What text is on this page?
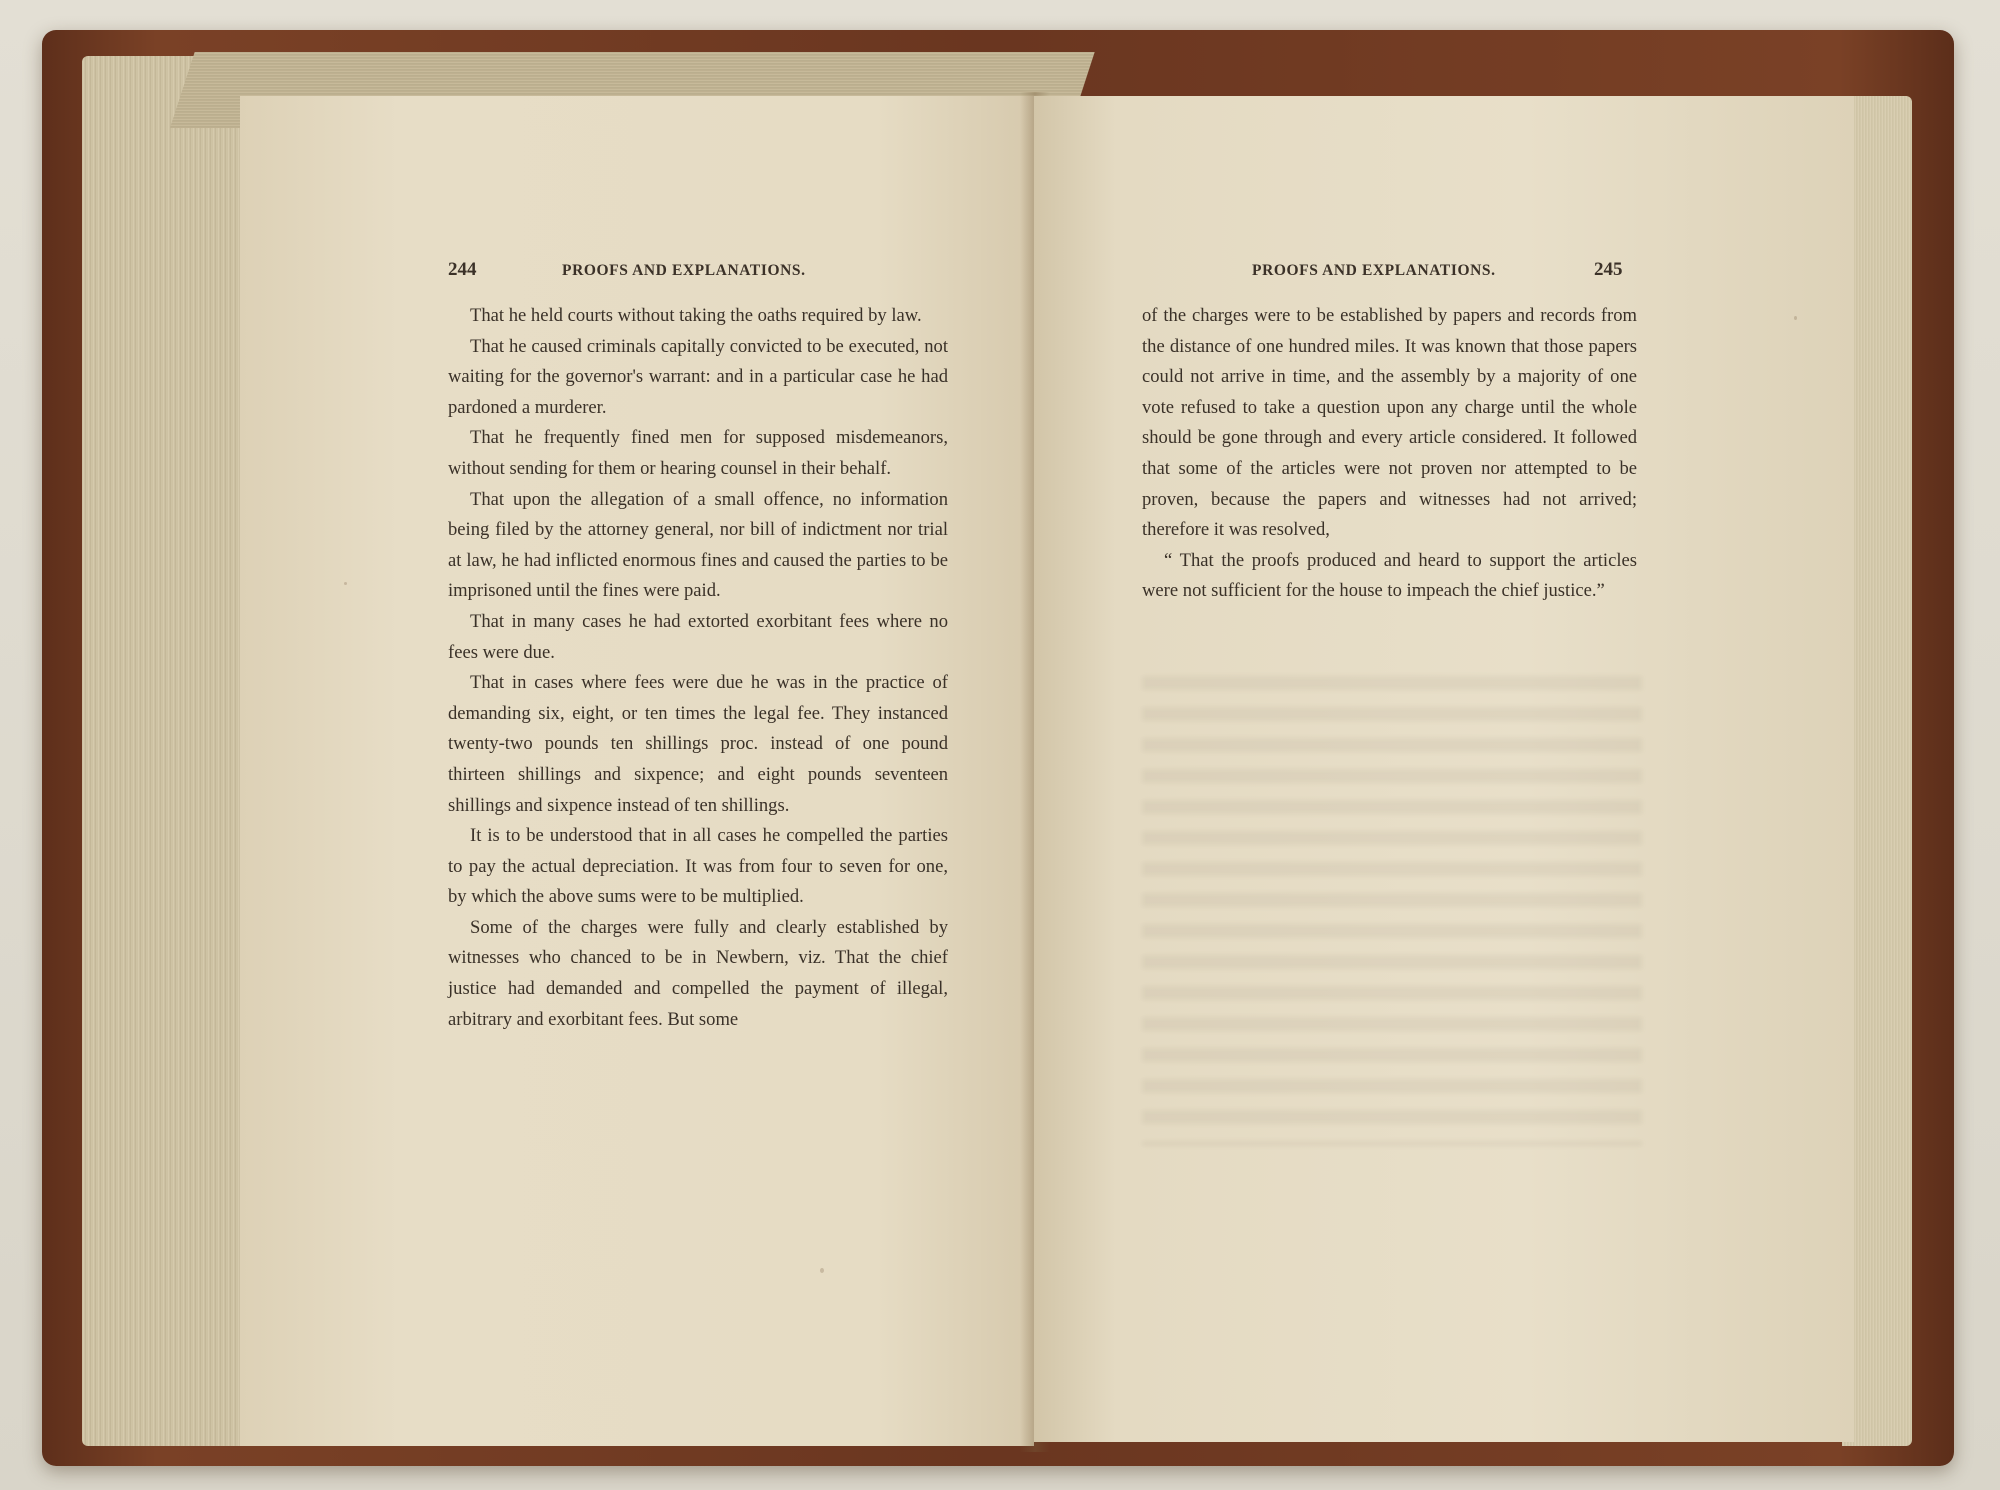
244	PROOFS AND EXPLANATIONS.

That he held courts without taking the oaths required by law.

That he caused criminals capitally convicted to be executed, not waiting for the governor's warrant: and in a particular case he had pardoned a murderer.

That he frequently fined men for supposed misdemeanors, without sending for them or hearing counsel in their behalf.

That upon the allegation of a small offence, no information being filed by the attorney general, nor bill of indictment nor trial at law, he had inflicted enormous fines and caused the parties to be imprisoned until the fines were paid.

That in many cases he had extorted exorbitant fees where no fees were due.

That in cases where fees were due he was in the practice of demanding six, eight, or ten times the legal fee. They instanced twenty-two pounds ten shillings proc. instead of one pound thirteen shillings and sixpence; and eight pounds seventeen shillings and sixpence instead of ten shillings.

It is to be understood that in all cases he compelled the parties to pay the actual depreciation. It was from four to seven for one, by which the above sums were to be multiplied.

Some of the charges were fully and clearly established by witnesses who chanced to be in Newbern, viz. That the chief justice had demanded and compelled the payment of illegal, arbitrary and exorbitant fees. But some

PROOFS AND EXPLANATIONS.	245

of the charges were to be established by papers and records from the distance of one hundred miles. It was known that those papers could not arrive in time, and the assembly by a majority of one vote refused to take a question upon any charge until the whole should be gone through and every article considered. It followed that some of the articles were not proven nor attempted to be proven, because the papers and witnesses had not arrived; therefore it was resolved,

“ That the proofs produced and heard to support the articles were not sufficient for the house to impeach the chief justice.”
